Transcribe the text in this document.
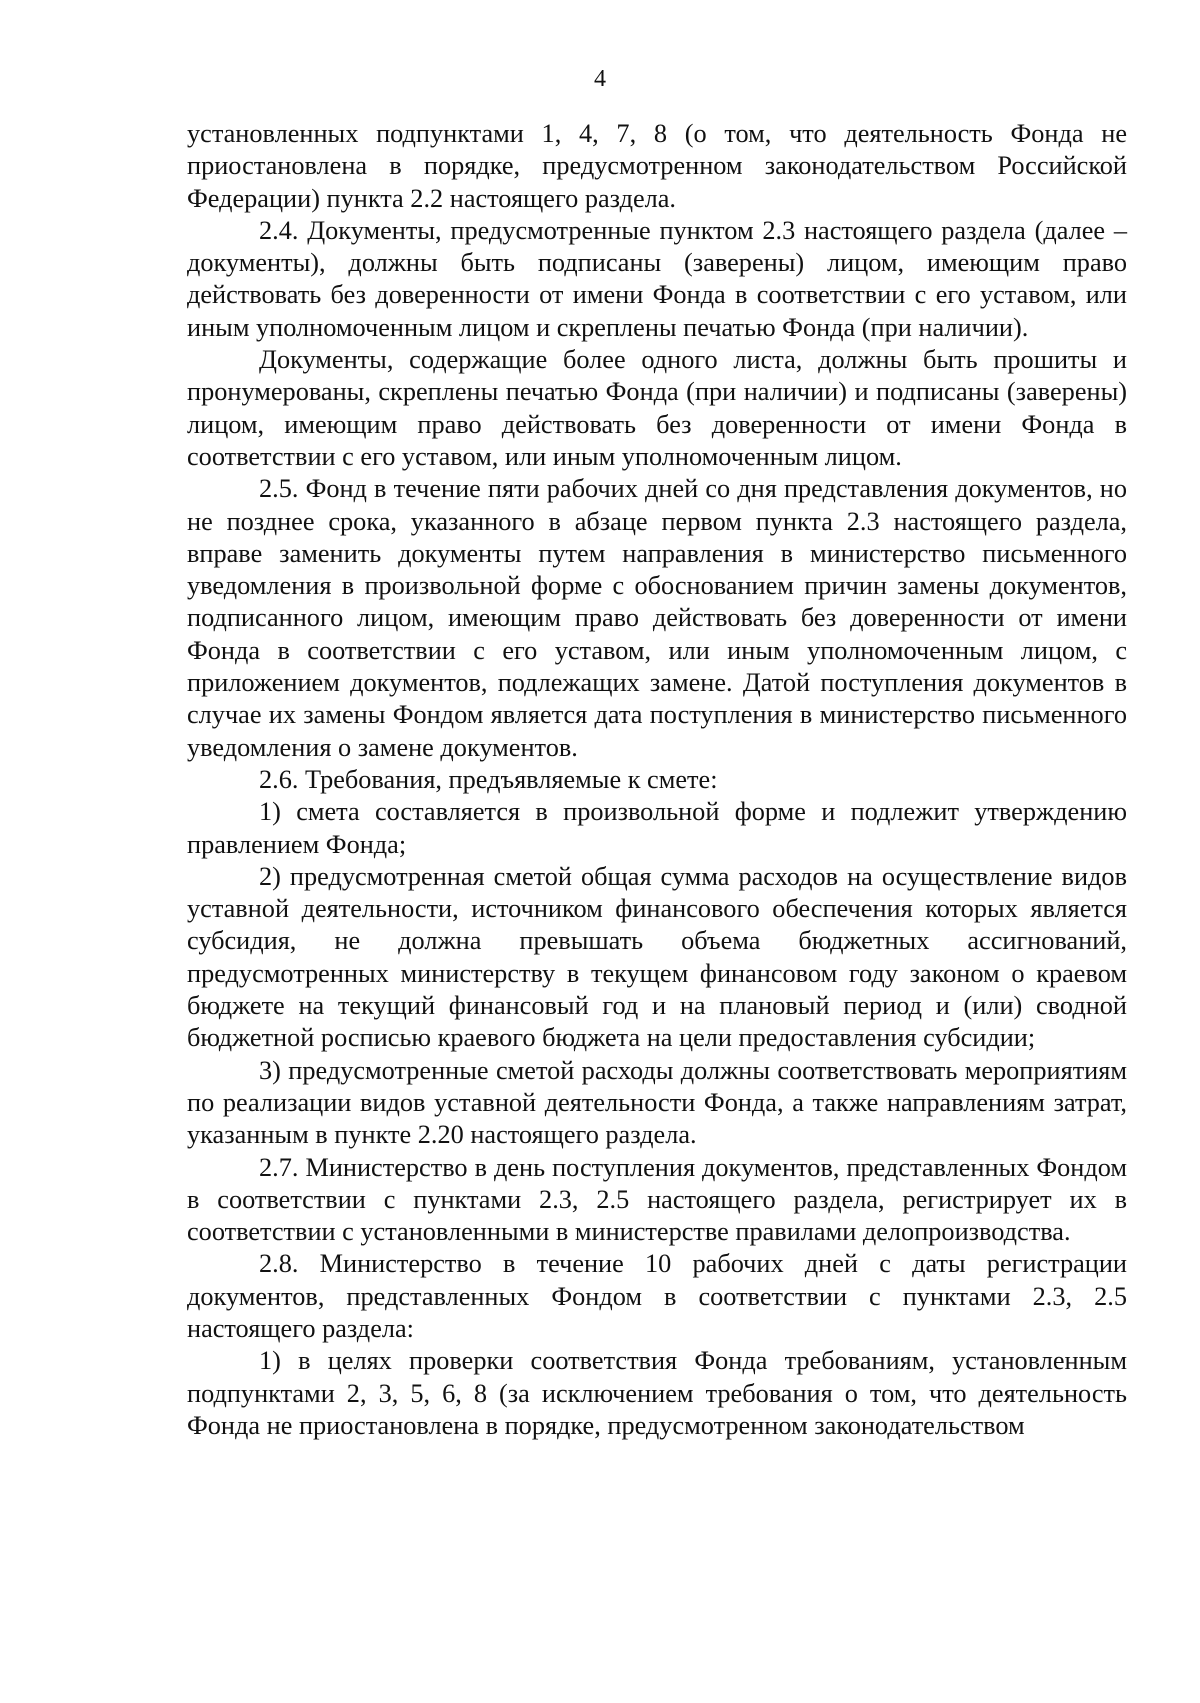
4

установленных подпунктами 1, 4, 7, 8 (о том, что деятельность Фонда не приостановлена в порядке, предусмотренном законодательством Российской Федерации) пункта 2.2 настоящего раздела.

2.4. Документы, предусмотренные пунктом 2.3 настоящего раздела (далее – документы), должны быть подписаны (заверены) лицом, имеющим право действовать без доверенности от имени Фонда в соответствии с его уставом, или иным уполномоченным лицом и скреплены печатью Фонда (при наличии).

Документы, содержащие более одного листа, должны быть прошиты и пронумерованы, скреплены печатью Фонда (при наличии) и подписаны (заверены) лицом, имеющим право действовать без доверенности от имени Фонда в соответствии с его уставом, или иным уполномоченным лицом.

2.5. Фонд в течение пяти рабочих дней со дня представления документов, но не позднее срока, указанного в абзаце первом пункта 2.3 настоящего раздела, вправе заменить документы путем направления в министерство письменного уведомления в произвольной форме с обоснованием причин замены документов, подписанного лицом, имеющим право действовать без доверенности от имени Фонда в соответствии с его уставом, или иным уполномоченным лицом, с приложением документов, подлежащих замене. Датой поступления документов в случае их замены Фондом является дата поступления в министерство письменного уведомления о замене документов.

2.6. Требования, предъявляемые к смете:

1) смета составляется в произвольной форме и подлежит утверждению правлением Фонда;

2) предусмотренная сметой общая сумма расходов на осуществление видов уставной деятельности, источником финансового обеспечения которых является субсидия, не должна превышать объема бюджетных ассигнований, предусмотренных министерству в текущем финансовом году законом о краевом бюджете на текущий финансовый год и на плановый период и (или) сводной бюджетной росписью краевого бюджета на цели предоставления субсидии;

3) предусмотренные сметой расходы должны соответствовать мероприятиям по реализации видов уставной деятельности Фонда, а также направлениям затрат, указанным в пункте 2.20 настоящего раздела.

2.7. Министерство в день поступления документов, представленных Фондом в соответствии с пунктами 2.3, 2.5 настоящего раздела, регистрирует их в соответствии с установленными в министерстве правилами делопроизводства.

2.8. Министерство в течение 10 рабочих дней с даты регистрации документов, представленных Фондом в соответствии с пунктами 2.3, 2.5 настоящего раздела:

1) в целях проверки соответствия Фонда требованиям, установленным подпунктами 2, 3, 5, 6, 8 (за исключением требования о том, что деятельность Фонда не приостановлена в порядке, предусмотренном законодательством
